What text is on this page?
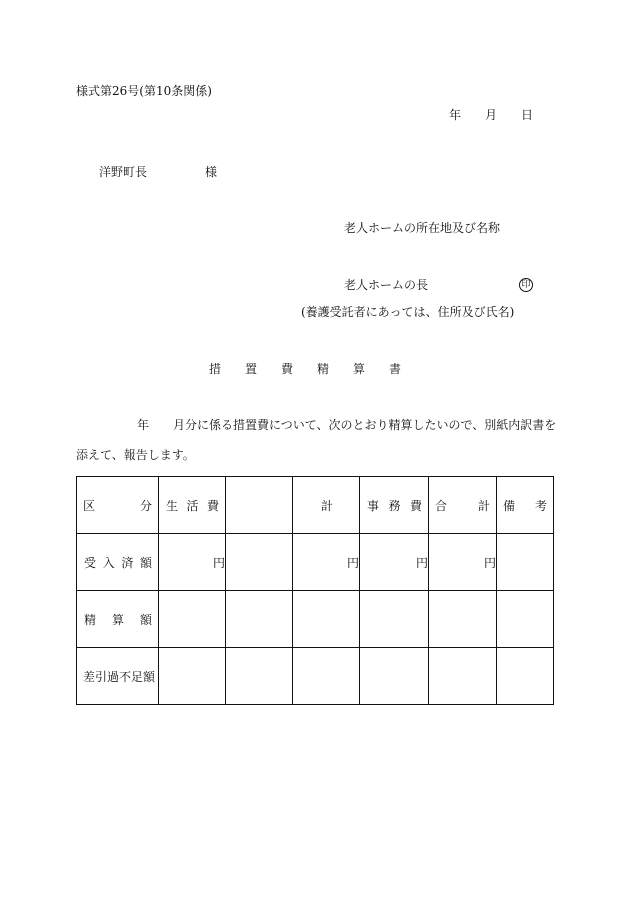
様式第26号(第10条関係)
年　　月　　日
洋野町長	様
老人ホームの所在地及び名称
老人ホームの長	印
(養護受託者にあっては、住所及び氏名)
措　　置　　費　　精　　算　　書
年　　月分に係る措置費について、次のとおり精算したいので、別紙内訳書を
添えて、報告します。
区 分	生 活 費		計	事 務 費	合 計	備 考

受 入 済 額	円		円	円	円	

精 算 額						

差引過不足額						
